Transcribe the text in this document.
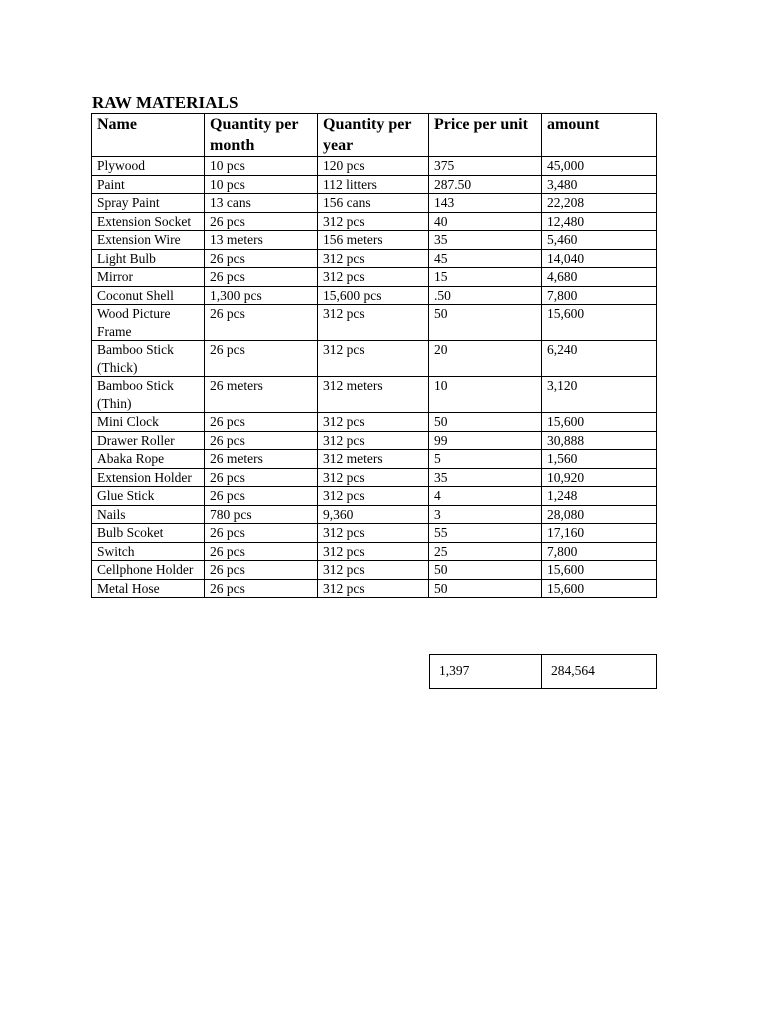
RAW MATERIALS
Name	Quantity per month	Quantity per year	Price per unit	amount
Plywood	10 pcs	120 pcs	375	45,000
Paint	10 pcs	112 litters	287.50	3,480
Spray Paint	13 cans	156 cans	143	22,208
Extension Socket	26 pcs	312 pcs	40	12,480
Extension Wire	13 meters	156 meters	35	5,460
Light Bulb	26 pcs	312 pcs	45	14,040
Mirror	26 pcs	312 pcs	15	4,680
Coconut Shell	1,300 pcs	15,600 pcs	.50	7,800
Wood Picture Frame	26 pcs	312 pcs	50	15,600
Bamboo Stick (Thick)	26 pcs	312 pcs	20	6,240
Bamboo Stick (Thin)	26 meters	312 meters	10	3,120
Mini Clock	26 pcs	312 pcs	50	15,600
Drawer Roller	26 pcs	312 pcs	99	30,888
Abaka Rope	26 meters	312 meters	5	1,560
Extension Holder	26 pcs	312 pcs	35	10,920
Glue Stick	26 pcs	312 pcs	4	1,248
Nails	780 pcs	9,360	3	28,080
Bulb Scoket	26 pcs	312 pcs	55	17,160
Switch	26 pcs	312 pcs	25	7,800
Cellphone Holder	26 pcs	312 pcs	50	15,600
Metal Hose	26 pcs	312 pcs	50	15,600
1,397	284,564
